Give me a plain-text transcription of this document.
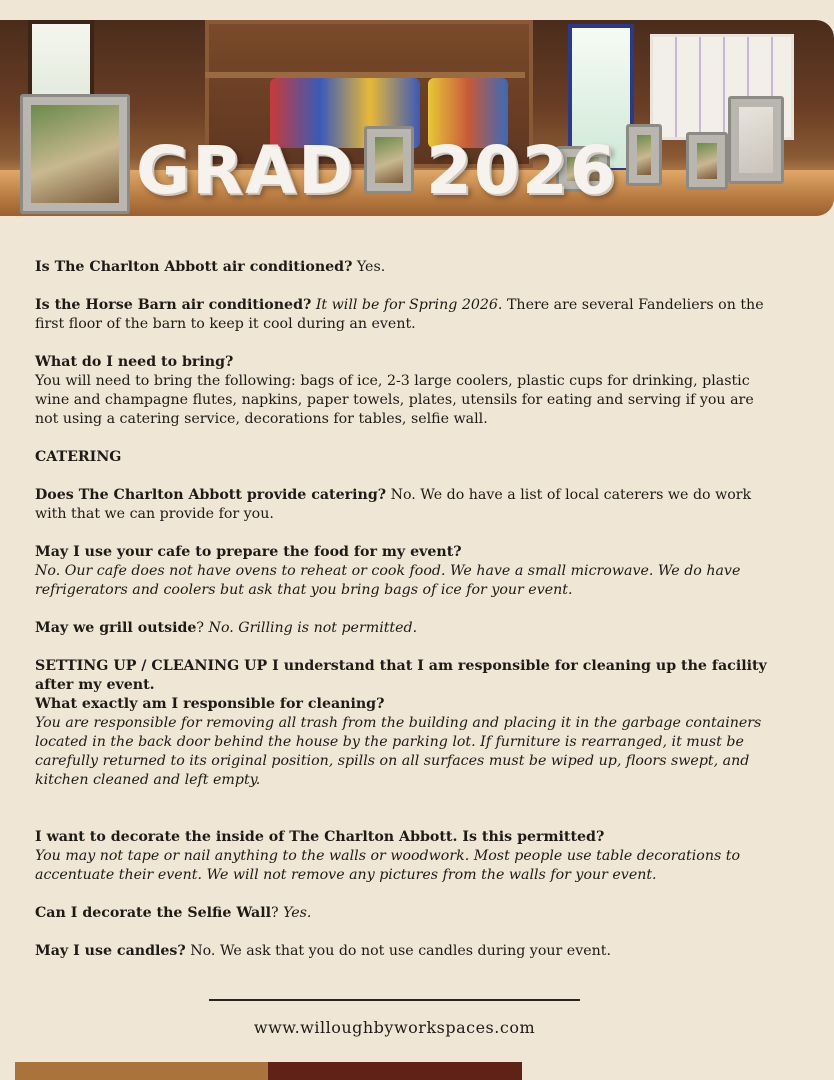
GRAD 2026

Is The Charlton Abbott air conditioned? Yes.

Is the Horse Barn air conditioned? It will be for Spring 2026. There are several Fandeliers on the first floor of the barn to keep it cool during an event.

What do I need to bring?
You will need to bring the following: bags of ice, 2-3 large coolers, plastic cups for drinking, plastic wine and champagne flutes, napkins, paper towels, plates, utensils for eating and serving if you are not using a catering service, decorations for tables, selfie wall.

CATERING

Does The Charlton Abbott provide catering? No. We do have a list of local caterers we do work with that we can provide for you.

May I use your cafe to prepare the food for my event?
No. Our cafe does not have ovens to reheat or cook food. We have a small microwave. We do have refrigerators and coolers but ask that you bring bags of ice for your event.

May we grill outside? No. Grilling is not permitted.

SETTING UP / CLEANING UP I understand that I am responsible for cleaning up the facility after my event.

What exactly am I responsible for cleaning?
You are responsible for removing all trash from the building and placing it in the garbage containers located in the back door behind the house by the parking lot. If furniture is rearranged, it must be carefully returned to its original position, spills on all surfaces must be wiped up, floors swept, and kitchen cleaned and left empty.

I want to decorate the inside of The Charlton Abbott. Is this permitted?
You may not tape or nail anything to the walls or woodwork. Most people use table decorations to accentuate their event. We will not remove any pictures from the walls for your event.

Can I decorate the Selfie Wall? Yes.

May I use candles? No. We ask that you do not use candles during your event.

www.willoughbyworkspaces.com
